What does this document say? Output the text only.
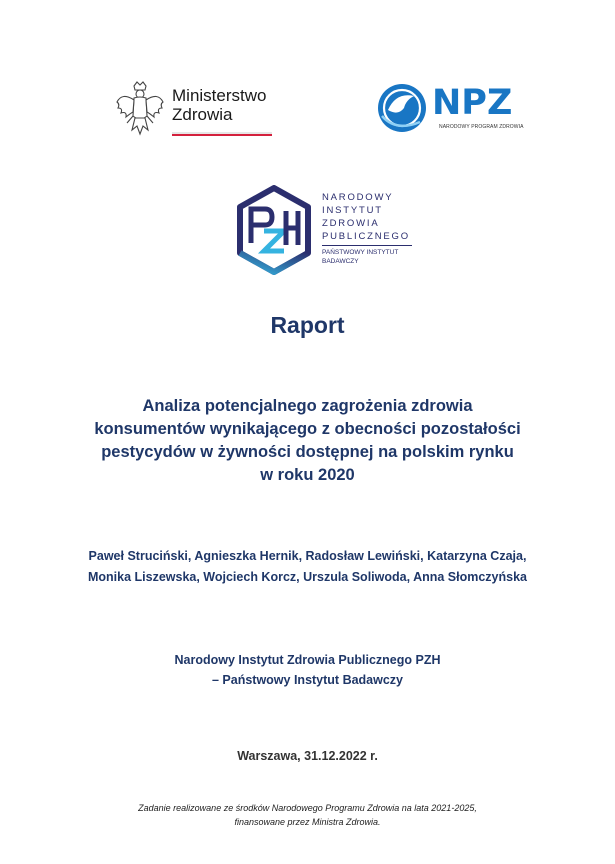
Ministerstwo
Zdrowia	NPZ
NARODOWY PROGRAM ZDROWIA
NARODOWY
INSTYTUT
ZDROWIA
PUBLICZNEGO
PAŃSTWOWY INSTYTUT
BADAWCZY
Raport
Analiza potencjalnego zagrożenia zdrowia
konsumentów wynikającego z obecności pozostałości
pestycydów w żywności dostępnej na polskim rynku
w roku 2020
Paweł Struciński, Agnieszka Hernik, Radosław Lewiński, Katarzyna Czaja,
Monika Liszewska, Wojciech Korcz, Urszula Soliwoda, Anna Słomczyńska
Narodowy Instytut Zdrowia Publicznego PZH
– Państwowy Instytut Badawczy
Warszawa, 31.12.2022 r.
Zadanie realizowane ze środków Narodowego Programu Zdrowia na lata 2021-2025,
finansowane przez Ministra Zdrowia.
